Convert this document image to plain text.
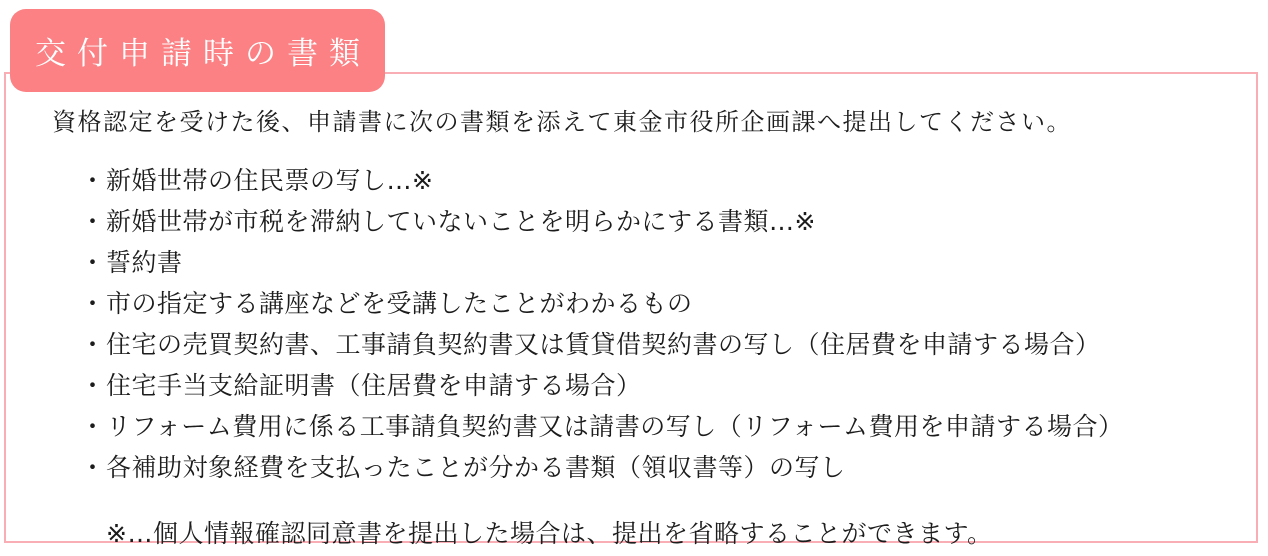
交付申請時の書類

資格認定を受けた後、申請書に次の書類を添えて東金市役所企画課へ提出してください。

・ 新婚世帯の住民票の写し…※
・ 新婚世帯が市税を滞納していないことを明らかにする書類…※
・ 誓約書
・ 市の指定する講座などを受講したことがわかるもの
・ 住宅の売買契約書、工事請負契約書又は賃貸借契約書の写し（住居費を申請する場合）
・ 住宅手当支給証明書（住居費を申請する場合）
・ リフォーム費用に係る工事請負契約書又は請書の写し（リフォーム費用を申請する場合）
・ 各補助対象経費を支払ったことが分かる書類（領収書等）の写し

※…個人情報確認同意書を提出した場合は、提出を省略することができます。
